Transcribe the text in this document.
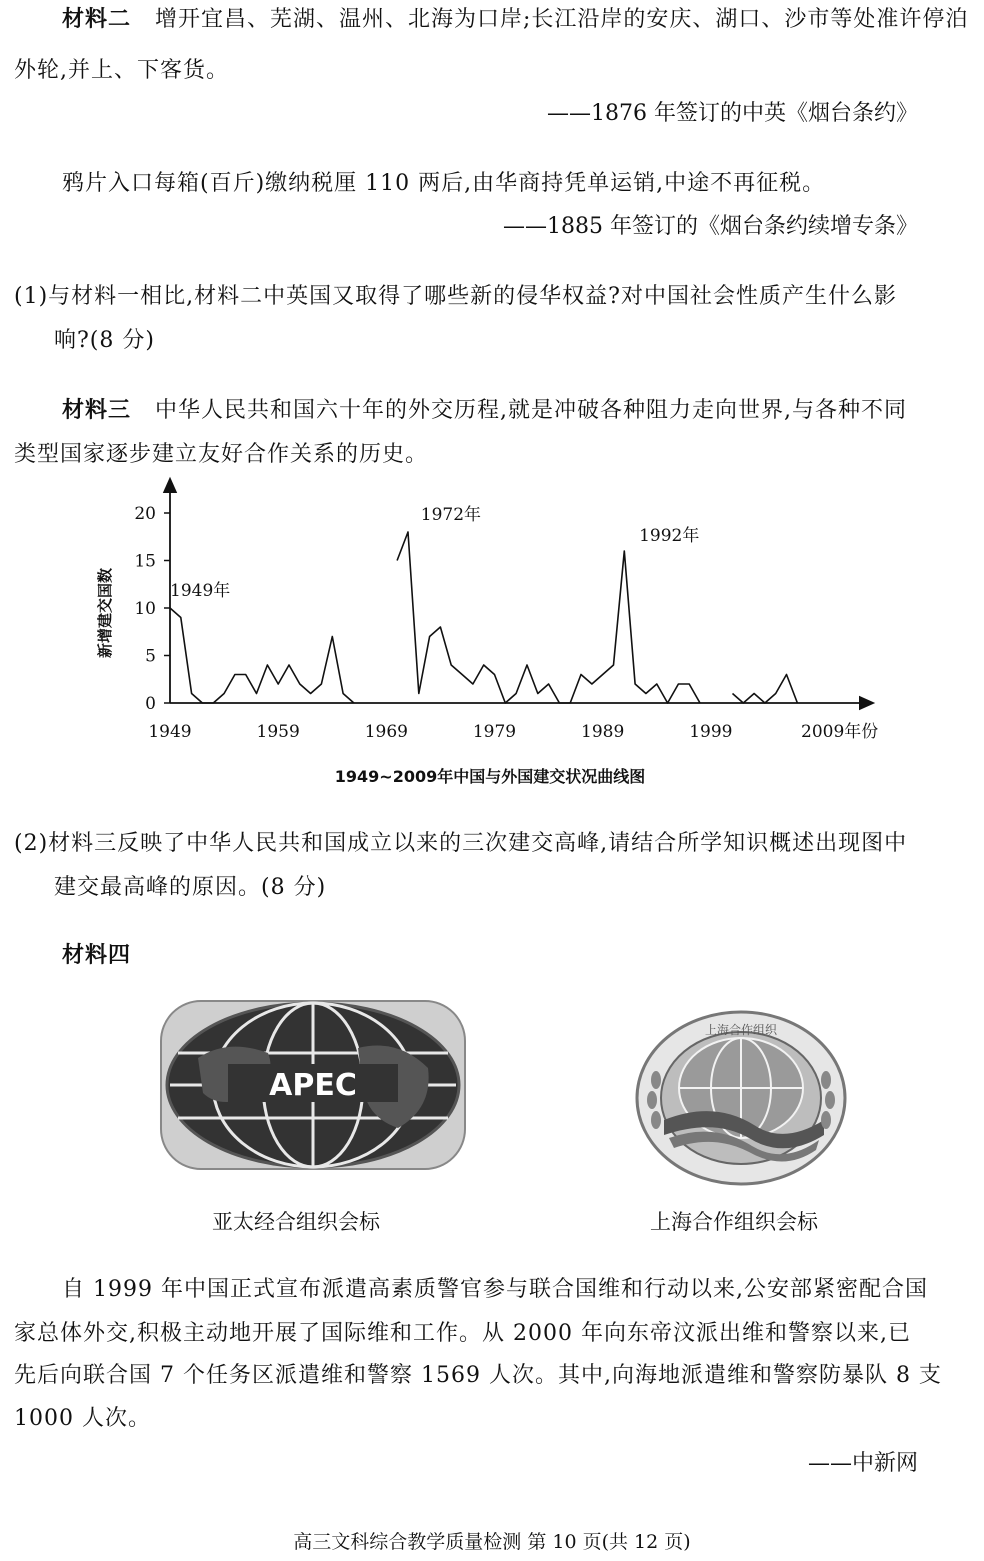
材料二 增开宜昌、芜湖、温州、北海为口岸;长江沿岸的安庆、湖口、沙市等处准许停泊
外轮,并上、下客货。
——1876 年签订的中英《烟台条约》
鸦片入口每箱(百斤)缴纳税厘 110 两后,由华商持凭单运销,中途不再征税。
——1885 年签订的《烟台条约续增专条》
(1)与材料一相比,材料二中英国又取得了哪些新的侵华权益?对中国社会性质产生什么影
响?(8 分)
材料三 中华人民共和国六十年的外交历程,就是冲破各种阻力走向世界,与各种不同
类型国家逐步建立友好合作关系的历史。
0
5
10
15
20
1949	1959	1969	1979	1989	1999	2009年份
1949年
1972年
1992年
新增建交国数
1949~2009年中国与外国建交状况曲线图
(2)材料三反映了中华人民共和国成立以来的三次建交高峰,请结合所学知识概述出现图中
建交最高峰的原因。(8 分)
材料四
APEC
上海合作组织
亚太经合组织会标	上海合作组织会标
自 1999 年中国正式宣布派遣高素质警官参与联合国维和行动以来,公安部紧密配合国
家总体外交,积极主动地开展了国际维和工作。从 2000 年向东帝汶派出维和警察以来,已
先后向联合国 7 个任务区派遣维和警察 1569 人次。其中,向海地派遣维和警察防暴队 8 支
1000 人次。
——中新网
高三文科综合教学质量检测 第 10 页(共 12 页)
